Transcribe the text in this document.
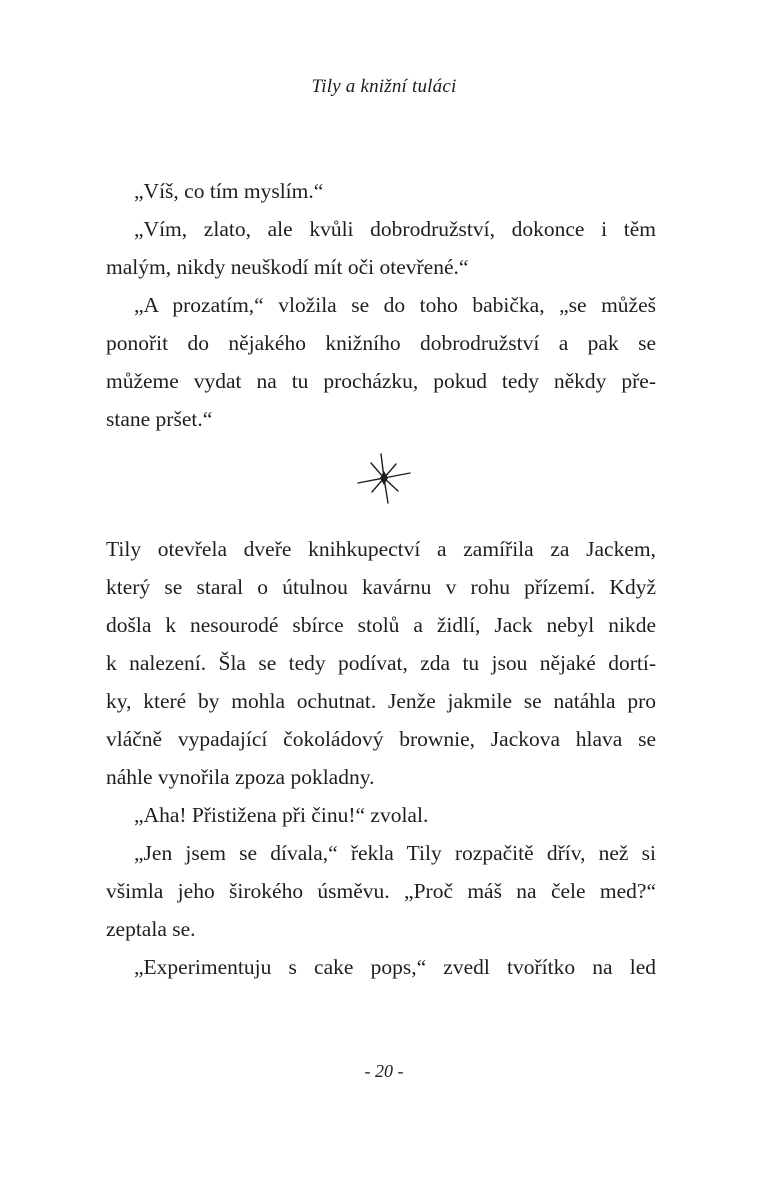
Tily a knižní tuláci
„Víš, co tím myslím.“
„Vím, zlato, ale kvůli dobrodružství, dokonce i těm
malým, nikdy neuškodí mít oči otevřené.“
„A prozatím,“ vložila se do toho babička, „se můžeš
ponořit do nějakého knižního dobrodružství a pak se
můžeme vydat na tu procházku, pokud tedy někdy pře-
stane pršet.“
Tily otevřela dveře knihkupectví a zamířila za Jackem,
který se staral o útulnou kavárnu v rohu přízemí. Když
došla k nesourodé sbírce stolů a židlí, Jack nebyl nikde
k nalezení. Šla se tedy podívat, zda tu jsou nějaké dortí-
ky, které by mohla ochutnat. Jenže jakmile se natáhla pro
vláčně vypadající čokoládový brownie, Jackova hlava se
náhle vynořila zpoza pokladny.
„Aha! Přistižena při činu!“ zvolal.
„Jen jsem se dívala,“ řekla Tily rozpačitě dřív, než si
všimla jeho širokého úsměvu. „Proč máš na čele med?“
zeptala se.
„Experimentuju s cake pops,“ zvedl tvořítko na led
- 20 -
